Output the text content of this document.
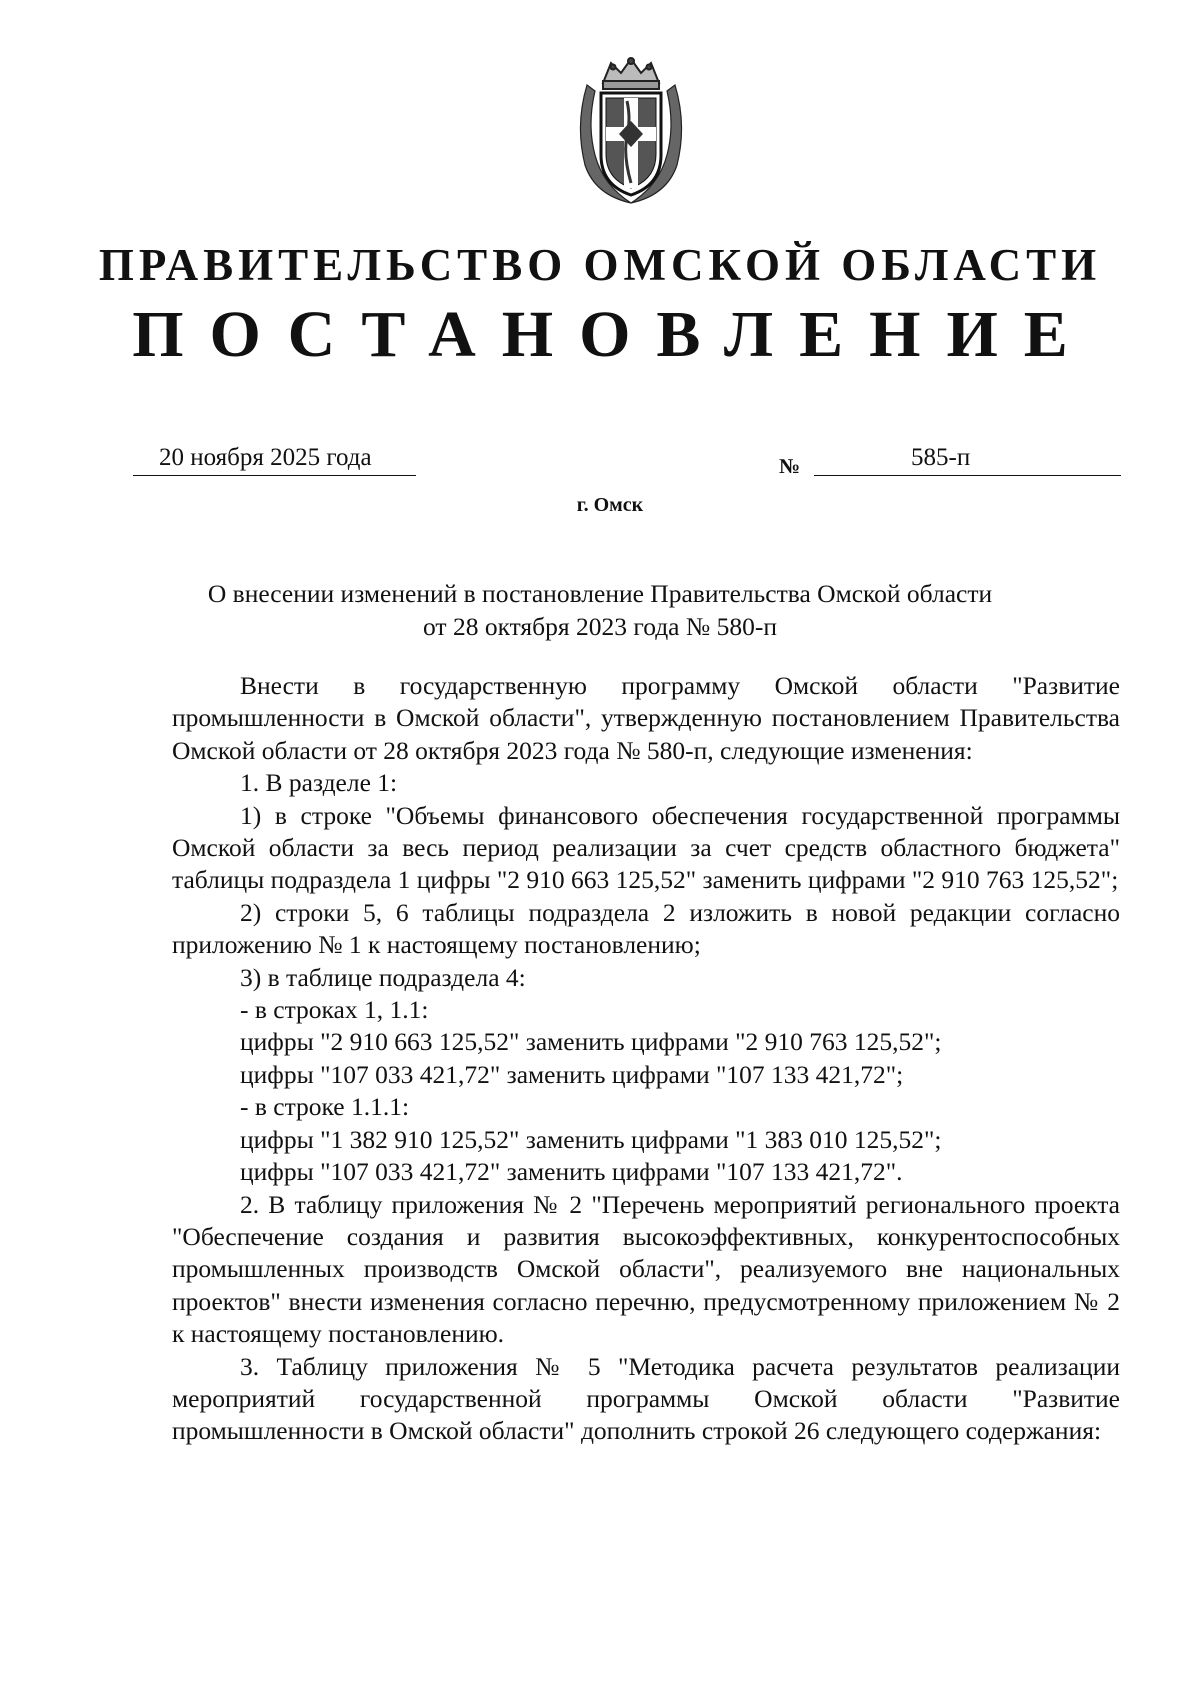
ПРАВИТЕЛЬСТВО ОМСКОЙ ОБЛАСТИ
ПОСТАНОВЛЕНИЕ
20 ноября 2025 года	№	585-п
г. Омск
О внесении изменений в постановление Правительства Омской области
от 28 октября 2023 года № 580-п

Внести в государственную программу Омской области "Развитие промышленности в Омской области", утвержденную постановлением Правительства Омской области от 28 октября 2023 года № 580-п, следующие изменения:

1. В разделе 1:

1) в строке "Объемы финансового обеспечения государственной программы Омской области за весь период реализации за счет средств областного бюджета" таблицы подраздела 1 цифры "2 910 663 125,52" заменить цифрами "2 910 763 125,52";

2) строки 5, 6 таблицы подраздела 2 изложить в новой редакции согласно приложению № 1 к настоящему постановлению;

3) в таблице подраздела 4:

- в строках 1, 1.1:

цифры "2 910 663 125,52" заменить цифрами "2 910 763 125,52";

цифры "107 033 421,72" заменить цифрами "107 133 421,72";

- в строке 1.1.1:

цифры "1 382 910 125,52" заменить цифрами "1 383 010 125,52";

цифры "107 033 421,72" заменить цифрами "107 133 421,72".

2. В таблицу приложения № 2 "Перечень мероприятий регионального проекта "Обеспечение создания и развития высокоэффективных, конкурентоспособных промышленных производств Омской области", реализуемого вне национальных проектов" внести изменения согласно перечню, предусмотренному приложением № 2 к настоящему постановлению.

3. Таблицу приложения № 5 "Методика расчета результатов реализации мероприятий государственной программы Омской области "Развитие промышленности в Омской области" дополнить строкой 26 следующего содержания:
